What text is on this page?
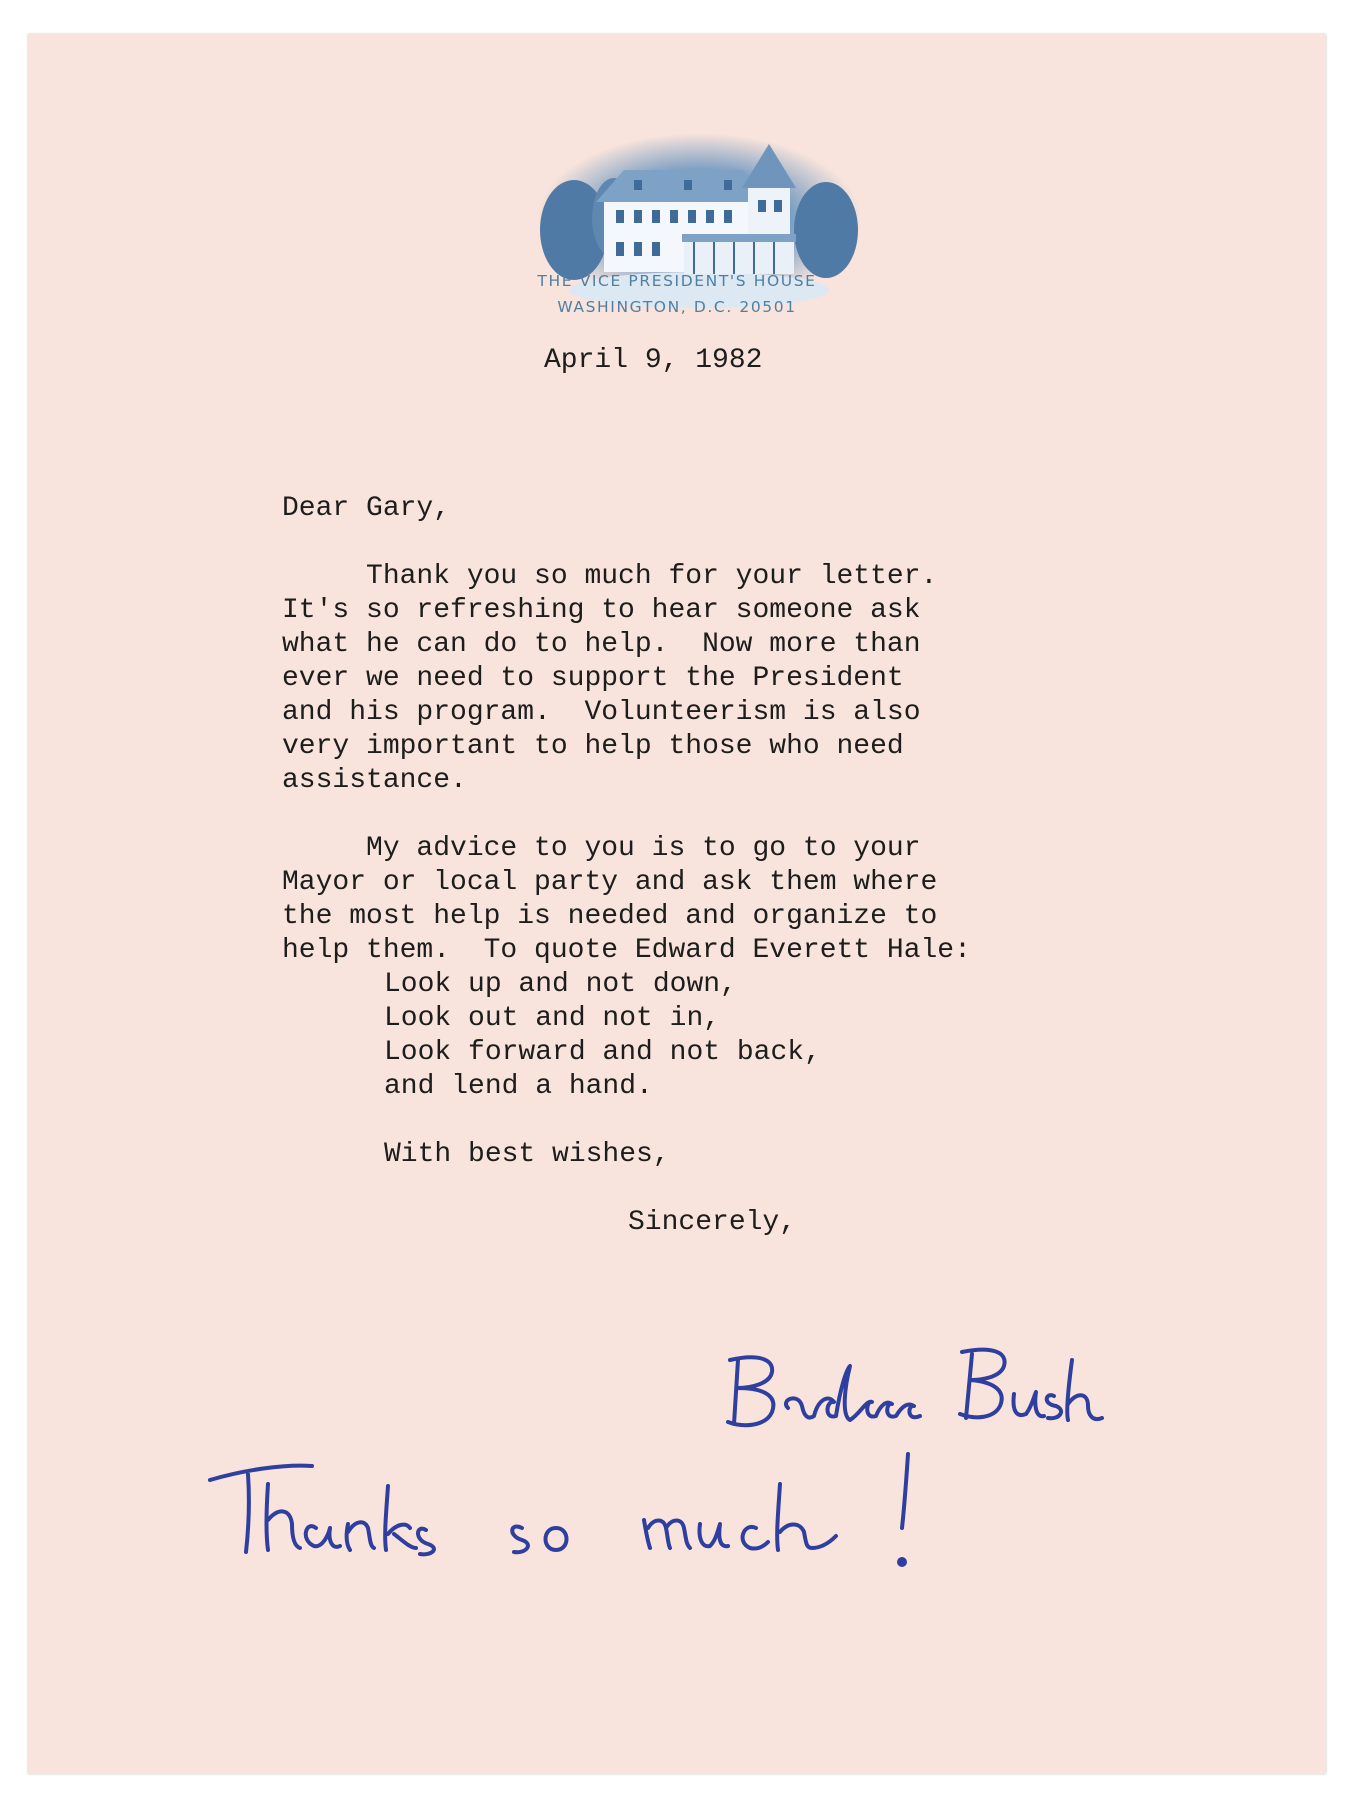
THE VICE PRESIDENT'S HOUSE
WASHINGTON, D.C. 20501
April 9, 1982
Dear Gary,
Thank you so much for your letter.
It's so refreshing to hear someone ask
what he can do to help.  Now more than
ever we need to support the President
and his program.  Volunteerism is also
very important to help those who need
assistance.
My advice to you is to go to your
Mayor or local party and ask them where
the most help is needed and organize to
help them.  To quote Edward Everett Hale:
Look up and not down,
Look out and not in,
Look forward and not back,
and lend a hand.
With best wishes,
Sincerely,
